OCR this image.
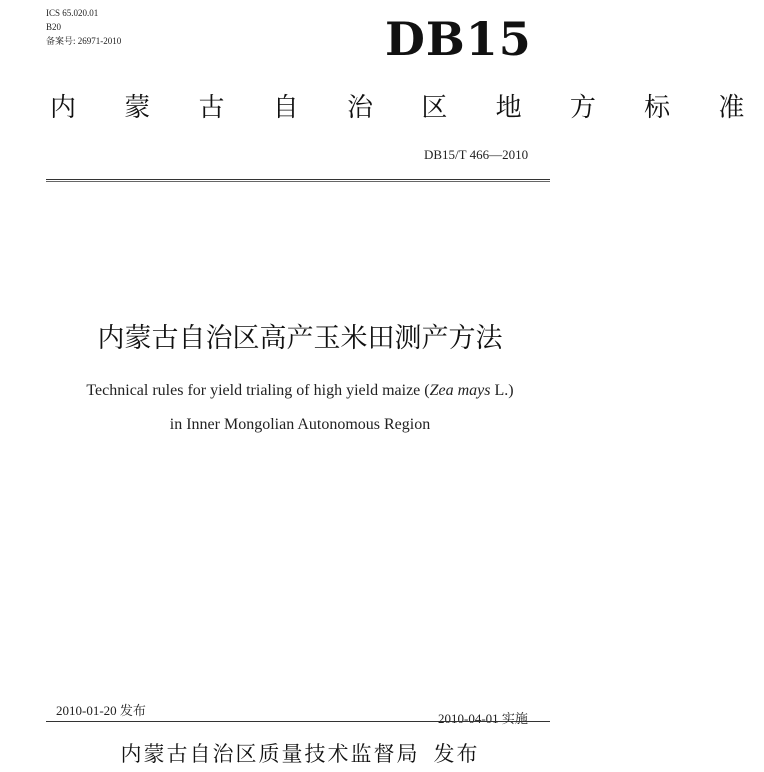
ICS 65.020.01
B20
备案号: 26971-2010	DB15
内 蒙 古 自 治 区 地 方 标 准
DB15/T 466—2010
内蒙古自治区高产玉米田测产方法
Technical rules for yield trialing of high yield maize (Zea mays L.)
in Inner Mongolian Autonomous Region
2010-01-20 发布
2010-04-01 实施
内蒙古自治区质量技术监督局 发布
